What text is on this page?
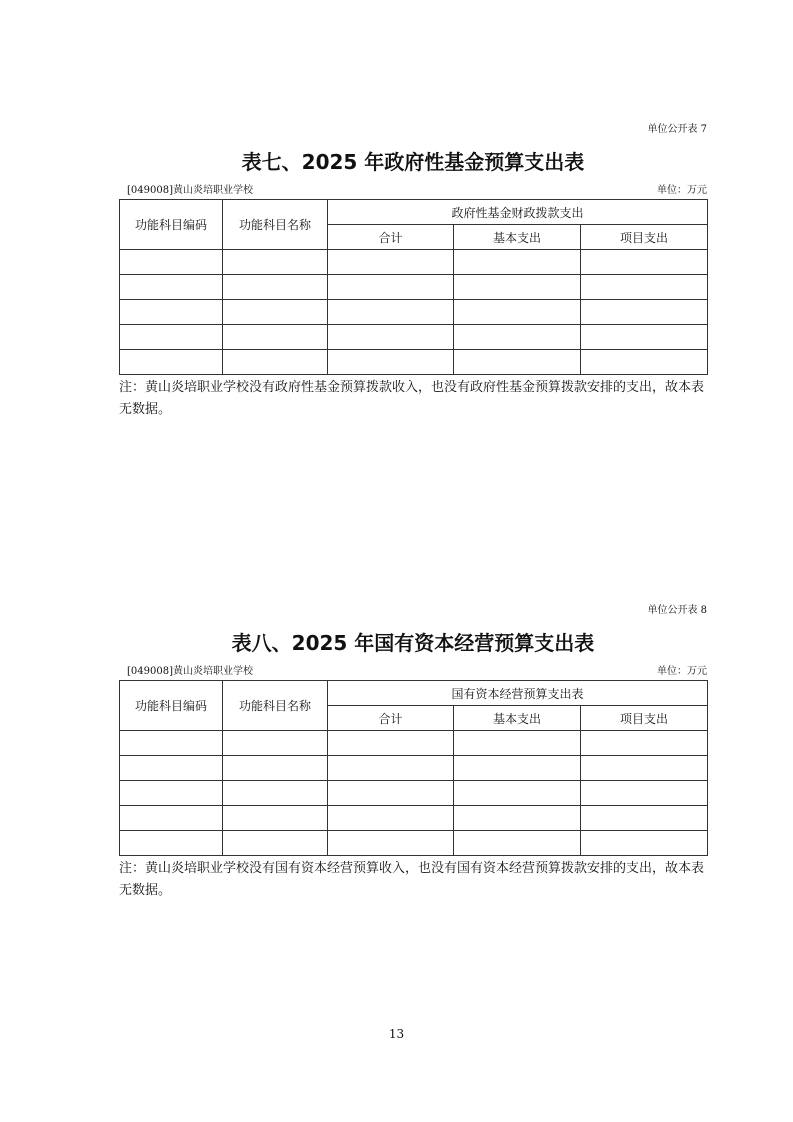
单位公开表 7
表七、2025 年政府性基金预算支出表
[049008]黄山炎培职业学校	单位：万元
功能科目编码	功能科目名称	政府性基金财政拨款支出		
		合计	基本支出	项目支出

注：黄山炎培职业学校没有政府性基金预算拨款收入，也没有政府性基金预算拨款安排的支出，故本表无数据。
单位公开表 8
表八、2025 年国有资本经营预算支出表
[049008]黄山炎培职业学校	单位：万元
功能科目编码	功能科目名称	国有资本经营预算支出表		
		合计	基本支出	项目支出

注：黄山炎培职业学校没有国有资本经营预算收入，也没有国有资本经营预算拨款安排的支出，故本表无数据。
13
